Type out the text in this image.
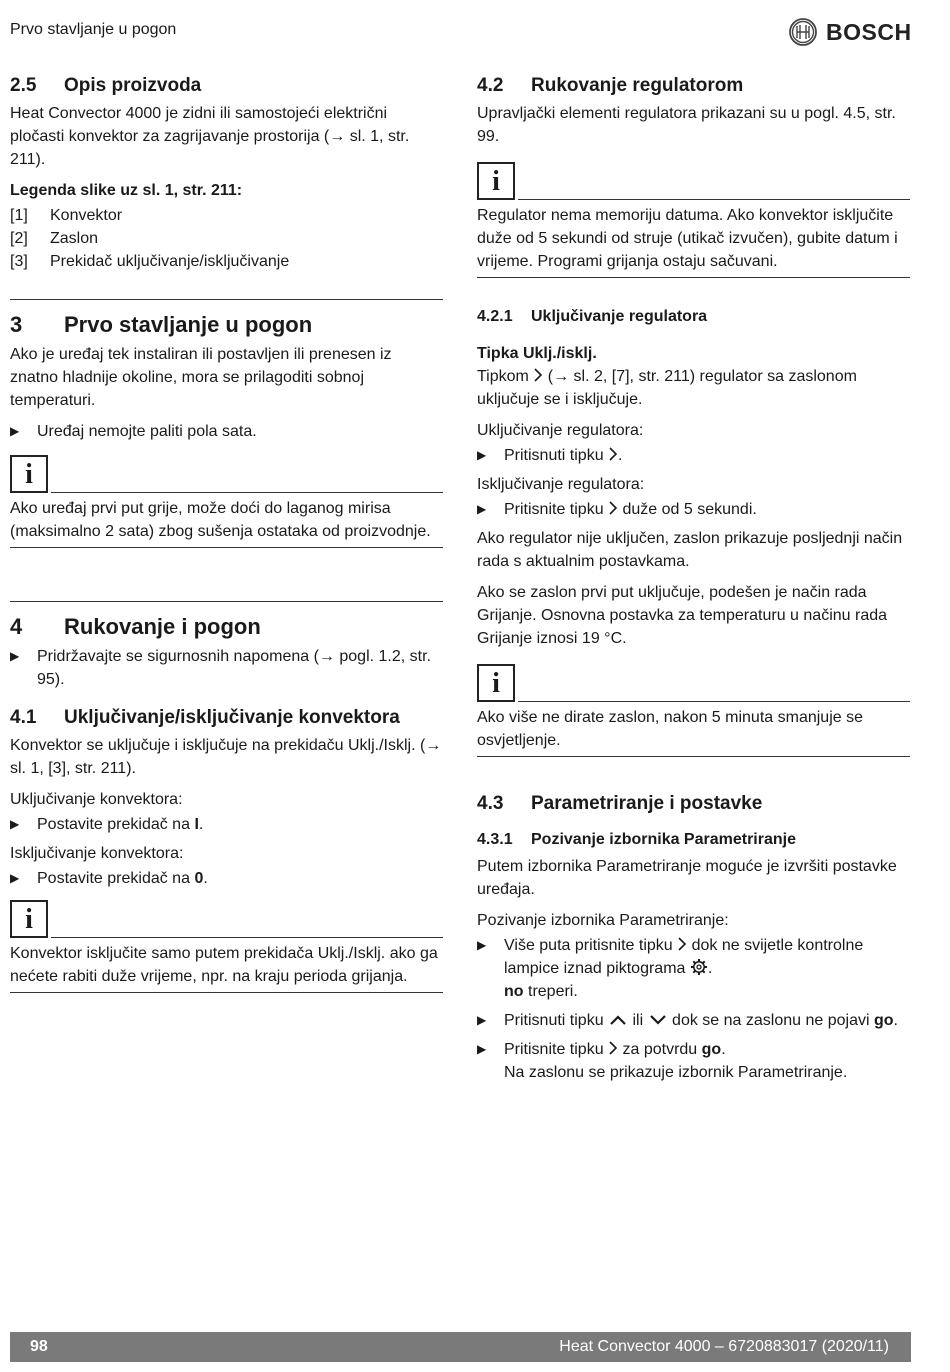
Prvo stavljanje u pogon	BOSCH
2.5 Opis proizvoda

Heat Convector 4000 je zidni ili samostojeći električni pločasti konvektor za zagrijavanje prostorija (→ sl. 1, str. 211).

Legenda slike uz sl. 1, str. 211:
[1]	Konvektor
[2]	Zaslon
[3]	Prekidač uključivanje/isključivanje
3 Prvo stavljanje u pogon

Ako je uređaj tek instaliran ili postavljen ili prenesen iz znatno hladnije okoline, mora se prilagoditi sobnoj temperaturi.

▶	Uređaj nemojte paliti pola sata.
i
Ako uređaj prvi put grije, može doći do laganog mirisa (maksimalno 2 sata) zbog sušenja ostataka od proizvodnje.
4 Rukovanje i pogon
▶	Pridržavajte se sigurnosnih napomena (→ pogl. 1.2, str. 95).
4.1 Uključivanje/isključivanje konvektora

Konvektor se uključuje i isključuje na prekidaču Uklj./Isklj. (→ sl. 1, [3], str. 211).

Uključivanje konvektora:
▶	Postavite prekidač na I.
Isključivanje konvektora:
▶	Postavite prekidač na 0.
i
Konvektor isključite samo putem prekidača Uklj./Isklj. ako ga nećete rabiti duže vrijeme, npr. na kraju perioda grijanja.
4.2 Rukovanje regulatorom

Upravljački elementi regulatora prikazani su u pogl. 4.5, str. 99.

i
Regulator nema memoriju datuma. Ako konvektor isključite duže od 5 sekundi od struje (utikač izvučen), gubite datum i vrijeme. Programi grijanja ostaju sačuvani.
4.2.1 Uključivanje regulatora
Tipka Uklj./isklj.

Tipkom  (→ sl. 2, [7], str. 211) regulator sa zaslonom uključuje se i isključuje.

Uključivanje regulatora:
▶	Pritisnuti tipku .
Isključivanje regulatora:
▶	Pritisnite tipku  duže od 5 sekundi.

Ako regulator nije uključen, zaslon prikazuje posljednji način rada s aktualnim postavkama.

Ako se zaslon prvi put uključuje, podešen je način rada Grijanje. Osnovna postavka za temperaturu u načinu rada Grijanje iznosi 19 °C.

i
Ako više ne dirate zaslon, nakon 5 minuta smanjuje se osvjetljenje.
4.3 Parametriranje i postavke
4.3.1 Pozivanje izbornika Parametriranje

Putem izbornika Parametriranje moguće je izvršiti postavke uređaja.

Pozivanje izbornika Parametriranje:
▶	Više puta pritisnite tipku  dok ne svijetle kontrolne lampice iznad piktograma .
no treperi.
▶	Pritisnuti tipku  ili  dok se na zaslonu ne pojavi go.
▶	Pritisnite tipku  za potvrdu go.
Na zaslonu se prikazuje izbornik Parametriranje.
98	Heat Convector 4000 – 6720883017 (2020/11)
